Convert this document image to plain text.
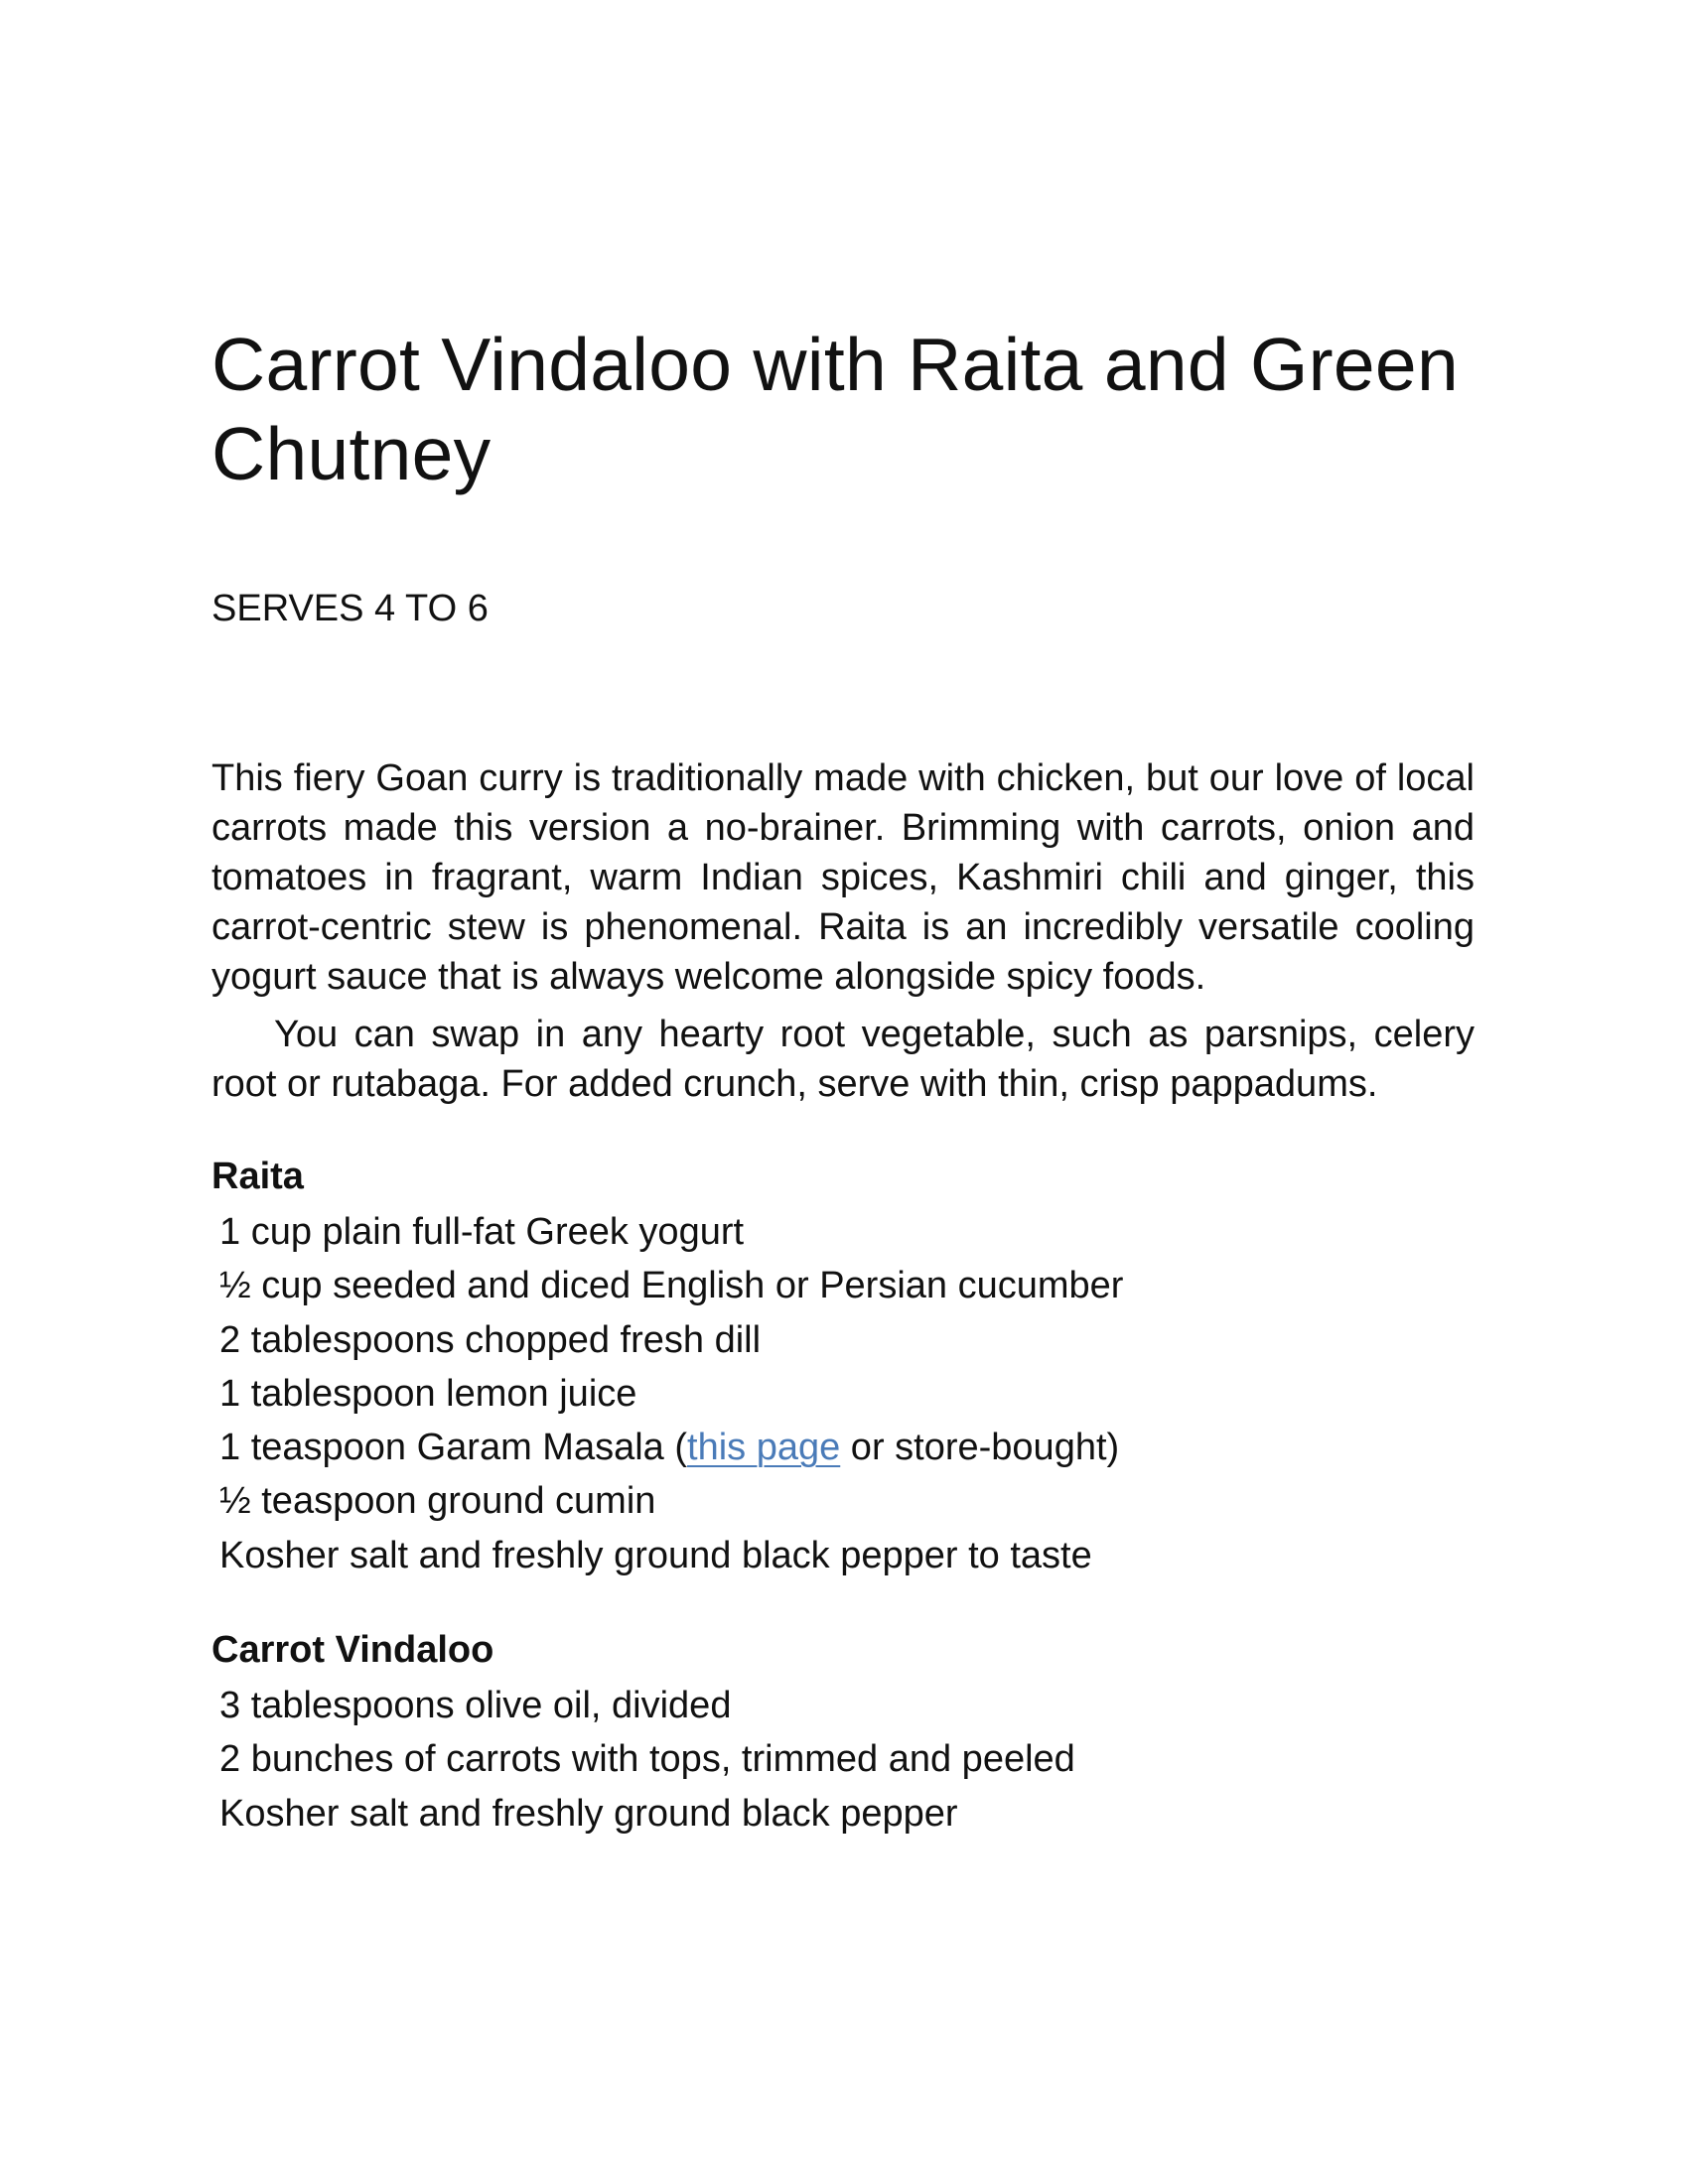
Carrot Vindaloo with Raita and Green Chutney
SERVES 4 TO 6

This fiery Goan curry is traditionally made with chicken, but our love of local carrots made this version a no-brainer. Brimming with carrots, onion and tomatoes in fragrant, warm Indian spices, Kashmiri chili and ginger, this carrot-centric stew is phenomenal. Raita is an incredibly versatile cooling yogurt sauce that is always welcome alongside spicy foods.

You can swap in any hearty root vegetable, such as parsnips, celery root or rutabaga. For added crunch, serve with thin, crisp pappadums.

Raita
1 cup plain full-fat Greek yogurt
½ cup seeded and diced English or Persian cucumber
2 tablespoons chopped fresh dill
1 tablespoon lemon juice
1 teaspoon Garam Masala (this page or store-bought)
½ teaspoon ground cumin
Kosher salt and freshly ground black pepper to taste
Carrot Vindaloo
3 tablespoons olive oil, divided
2 bunches of carrots with tops, trimmed and peeled
Kosher salt and freshly ground black pepper
